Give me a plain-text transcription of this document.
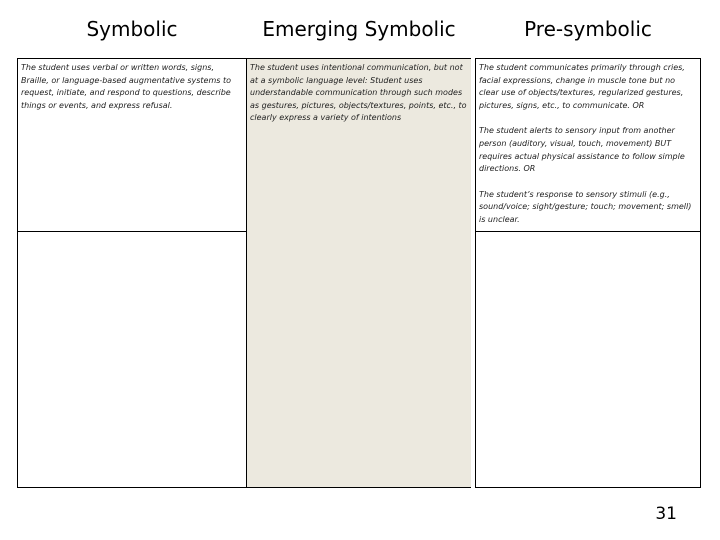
Symbolic

The student uses verbal or written words, signs, Braille, or language-based augmentative systems to request, initiate, and respond to questions, describe things or events, and express refusal.

Emerging Symbolic

The student uses intentional communication, but not at a symbolic language level: Student uses understandable communication through such modes as gestures, pictures, objects/textures, points, etc., to clearly express a variety of intentions

Pre-symbolic

The student communicates primarily through cries, facial expressions, change in muscle tone but no clear use of objects/textures, regularized gestures, pictures, signs, etc., to communicate. OR

The student alerts to sensory input from another person (auditory, visual, touch, movement) BUT requires actual physical assistance to follow simple directions. OR

The student’s response to sensory stimuli (e.g., sound/voice; sight/gesture; touch; movement; smell) is unclear.

31
